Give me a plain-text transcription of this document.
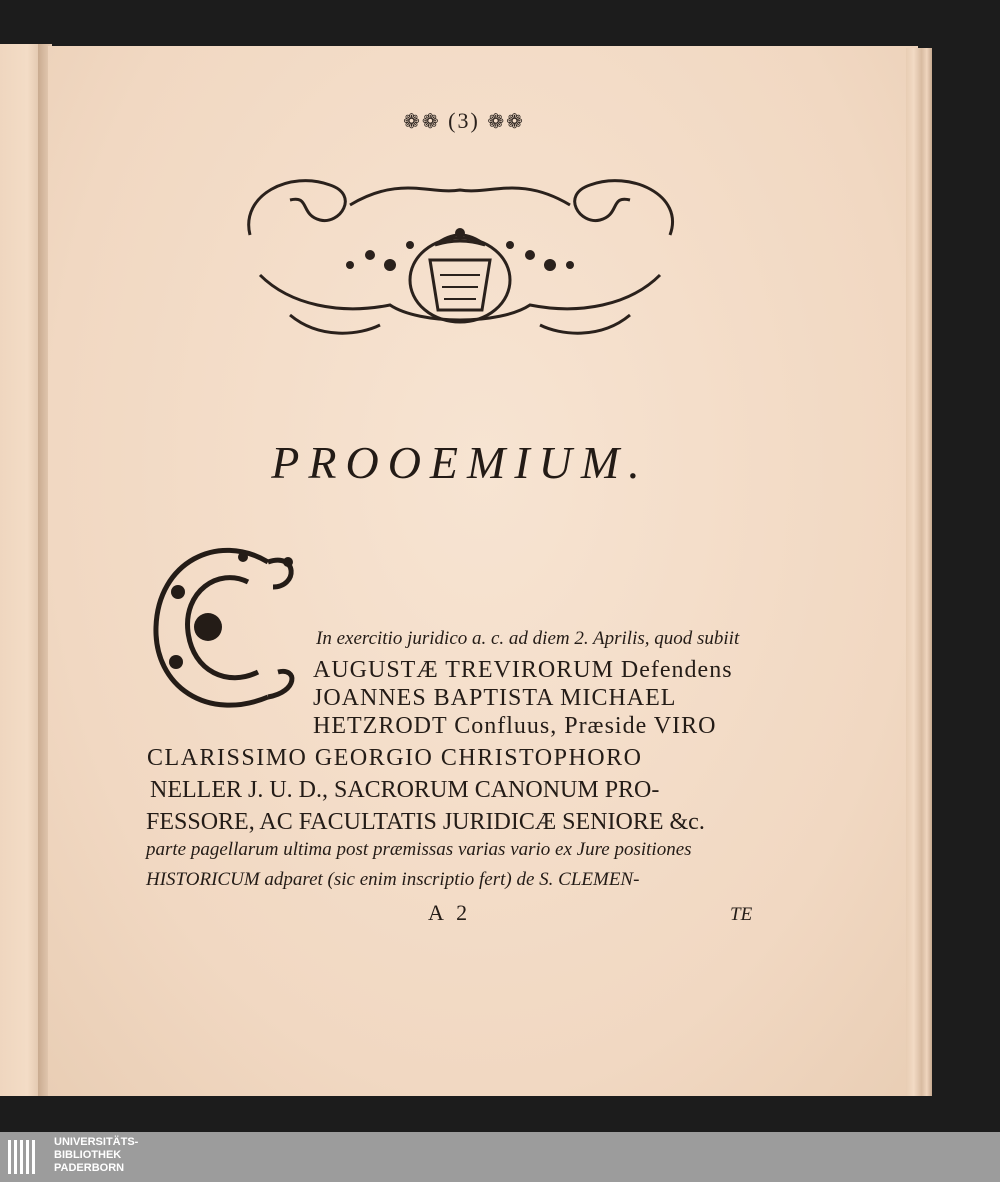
❁❁ (3) ❁❁
PROOEMIUM.
In exercitio juridico a. c. ad diem 2. Aprilis, quod subiit
AUGUSTÆ TREVIRORUM Defendens
JOANNES BAPTISTA MICHAEL
HETZRODT Confluus, Præside VIRO
CLARISSIMO GEORGIO CHRISTOPHORO
NELLER J. U. D., SACRORUM CANONUM PRO-
FESSORE, AC FACULTATIS JURIDICÆ SENIORE &c.
parte pagellarum ultima post præmissas varias vario ex Jure positiones
HISTORICUM adparet (sic enim inscriptio fert) de S. CLEMEN-
A 2	TE
UNIVERSITÄTS-
BIBLIOTHEK
PADERBORN
